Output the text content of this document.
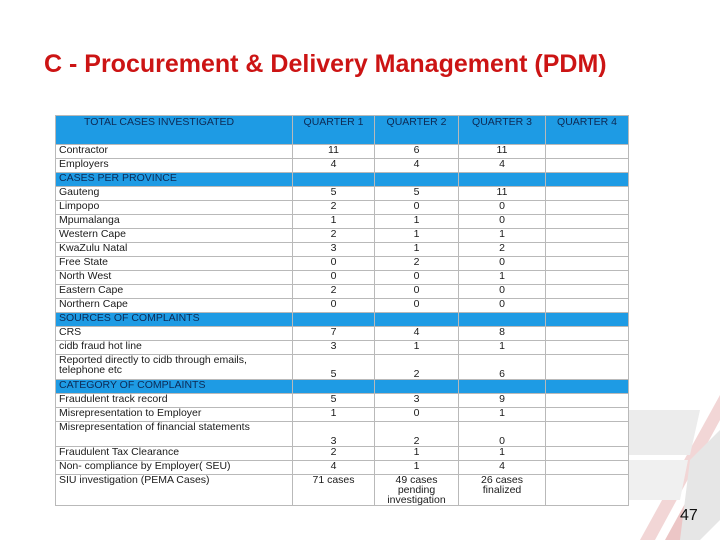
C - Procurement & Delivery Management (PDM)
TOTAL CASES INVESTIGATED	QUARTER 1	QUARTER 2	QUARTER 3	QUARTER 4
Contractor	11	6	11	
Employers	4	4	4	
CASES PER PROVINCE				
Gauteng	5	5	11	
Limpopo	2	0	0	
Mpumalanga	1	1	0	
Western Cape	2	1	1	
KwaZulu Natal	3	1	2	
Free State	0	2	0	
North West	0	0	1	
Eastern Cape	2	0	0	
Northern Cape	0	0	0	
SOURCES OF COMPLAINTS				
CRS	7	4	8	
cidb fraud hot line	3	1	1	
Reported directly to cidb through emails, telephone etc	5	2	6	
CATEGORY OF COMPLAINTS				
Fraudulent track record	5	3	9	
Misrepresentation to Employer	1	0	1	
Misrepresentation of financial statements	3	2	0	
Fraudulent Tax Clearance	2	1	1	
Non- compliance by Employer( SEU)	4	1	4	
SIU investigation (PEMA Cases)	71 cases	49 cases pending investigation	26 cases finalized	
47
